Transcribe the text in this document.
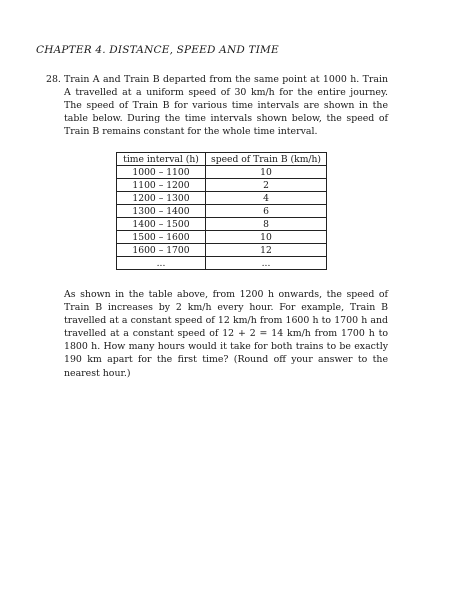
CHAPTER 4. DISTANCE, SPEED AND TIME
28. Train A and Train B departed from the same point at 1000 h. Train A travelled at a uniform speed of 30 km/h for the entire journey. The speed of Train B for various time intervals are shown in the table below. During the time intervals shown below, the speed of Train B remains constant for the whole time interval.
time interval (h)	speed of Train B (km/h)
1000 – 1100	10
1100 – 1200	2
1200 – 1300	4
1300 – 1400	6
1400 – 1500	8
1500 – 1600	10
1600 – 1700	12
...	...
As shown in the table above, from 1200 h onwards, the speed of Train B increases by 2 km/h every hour. For example, Train B travelled at a constant speed of 12 km/h from 1600 h to 1700 h and travelled at a constant speed of 12 + 2 = 14 km/h from 1700 h to 1800 h. How many hours would it take for both trains to be exactly 190 km apart for the first time? (Round off your answer to the nearest hour.)
